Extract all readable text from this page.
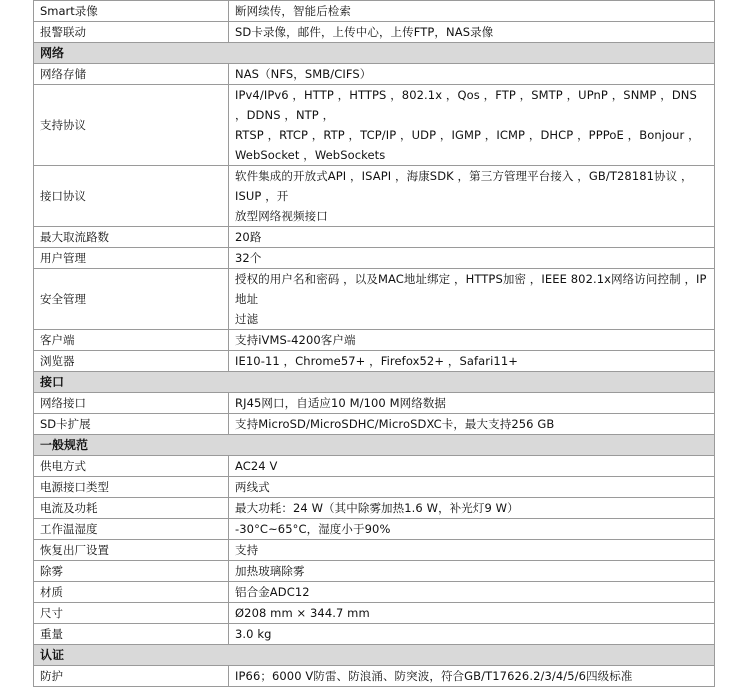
Smart录像	断网续传，智能后检索
报警联动	SD卡录像，邮件，上传中心，上传FTP，NAS录像
网络	
网络存储	NAS（NFS，SMB/CIFS）
支持协议	IPv4/IPv6 ，HTTP ，HTTPS ，802.1x ，Qos ，FTP ，SMTP ，UPnP ，SNMP ，DNS ，DDNS ，NTP ，
RTSP ，RTCP ，RTP ，TCP/IP ，UDP ，IGMP ，ICMP ，DHCP ，PPPoE ，Bonjour ，WebSocket ，WebSockets
接口协议	软件集成的开放式API ，ISAPI ，海康SDK ，第三方管理平台接入 ，GB/T28181协议 ，ISUP ，开
放型网络视频接口
最大取流路数	20路
用户管理	32个
安全管理	授权的用户名和密码 ，以及MAC地址绑定 ，HTTPS加密 ，IEEE 802.1x网络访问控制 ，IP地址
过滤
客户端	支持iVMS-4200客户端
浏览器	IE10-11 ，Chrome57+ ，Firefox52+ ，Safari11+
接口	
网络接口	RJ45网口，自适应10 M/100 M网络数据
SD卡扩展	支持MicroSD/MicroSDHC/MicroSDXC卡，最大支持256 GB
一般规范	
供电方式	AC24 V
电源接口类型	两线式
电流及功耗	最大功耗：24 W（其中除雾加热1.6 W，补光灯9 W）
工作温湿度	-30°C~65°C，湿度小于90%
恢复出厂设置	支持
除雾	加热玻璃除雾
材质	铝合金ADC12
尺寸	Ø208 mm × 344.7 mm
重量	3.0 kg
认证	
防护	IP66；6000 V防雷、防浪涌、防突波，符合GB/T17626.2/3/4/5/6四级标准
